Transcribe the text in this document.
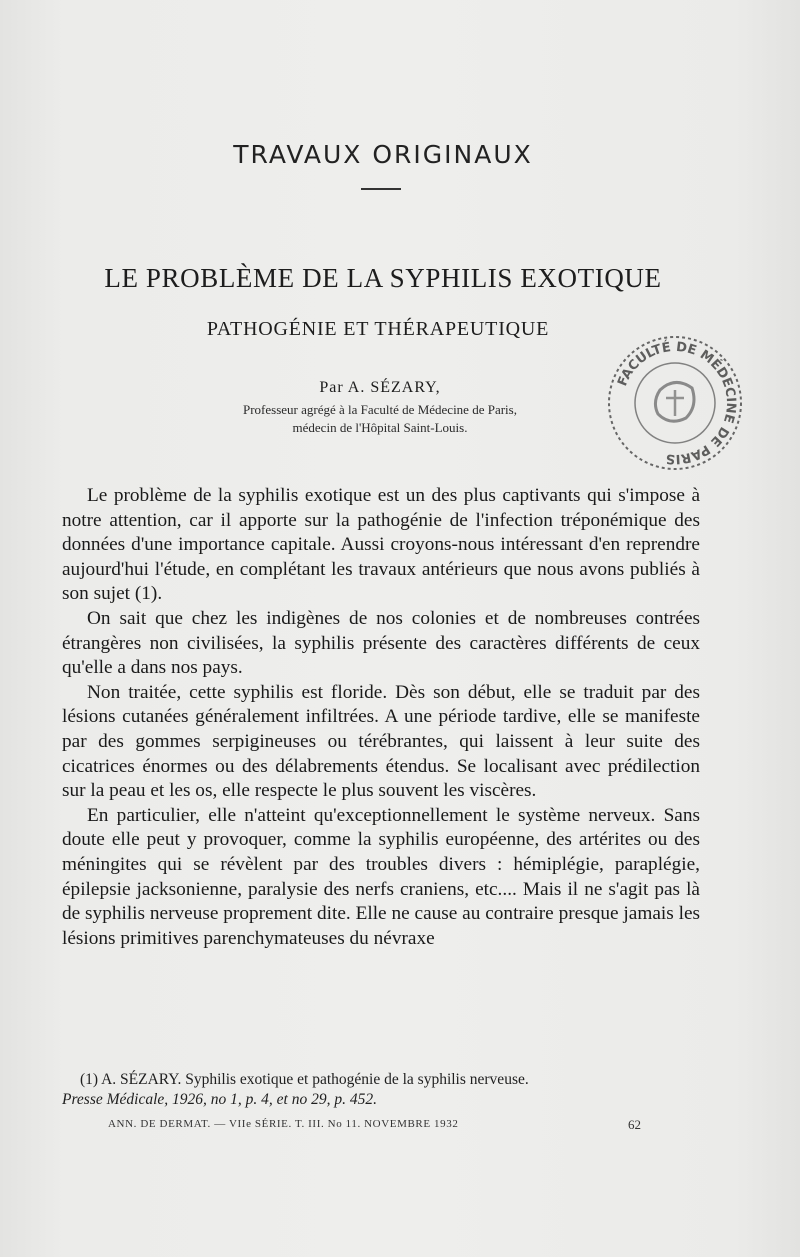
TRAVAUX ORIGINAUX
LE PROBLÈME DE LA SYPHILIS EXOTIQUE
PATHOGÉNIE ET THÉRAPEUTIQUE
Par A. SÉZARY,
Professeur agrégé à la Faculté de Médecine de Paris,
médecin de l'Hôpital Saint-Louis.
FACULTÉ DE MÉDECINE DE PARIS

Le problème de la syphilis exotique est un des plus captivants qui s'impose à notre attention, car il apporte sur la pathogénie de l'infection tréponémique des données d'une importance capitale. Aussi croyons-nous intéressant d'en reprendre aujourd'hui l'étude, en complétant les travaux antérieurs que nous avons publiés à son sujet (1).

On sait que chez les indigènes de nos colonies et de nombreuses contrées étrangères non civilisées, la syphilis présente des caractères différents de ceux qu'elle a dans nos pays.

Non traitée, cette syphilis est floride. Dès son début, elle se traduit par des lésions cutanées généralement infiltrées. A une période tardive, elle se manifeste par des gommes serpigineuses ou térébrantes, qui laissent à leur suite des cicatrices énormes ou des délabrements étendus. Se localisant avec prédilection sur la peau et les os, elle respecte le plus souvent les viscères.

En particulier, elle n'atteint qu'exceptionnellement le système nerveux. Sans doute elle peut y provoquer, comme la syphilis européenne, des artérites ou des méningites qui se révèlent par des troubles divers : hémiplégie, paraplégie, épilepsie jacksonienne, paralysie des nerfs craniens, etc.... Mais il ne s'agit pas là de syphilis nerveuse proprement dite. Elle ne cause au contraire presque jamais les lésions primitives parenchymateuses du névraxe

(1) A. SÉZARY. Syphilis exotique et pathogénie de la syphilis nerveuse.
Presse Médicale, 1926, no 1, p. 4, et no 29, p. 452.
ANN. DE DERMAT. — VIIe SÉRIE. T. III. No 11. NOVEMBRE 1932	62
